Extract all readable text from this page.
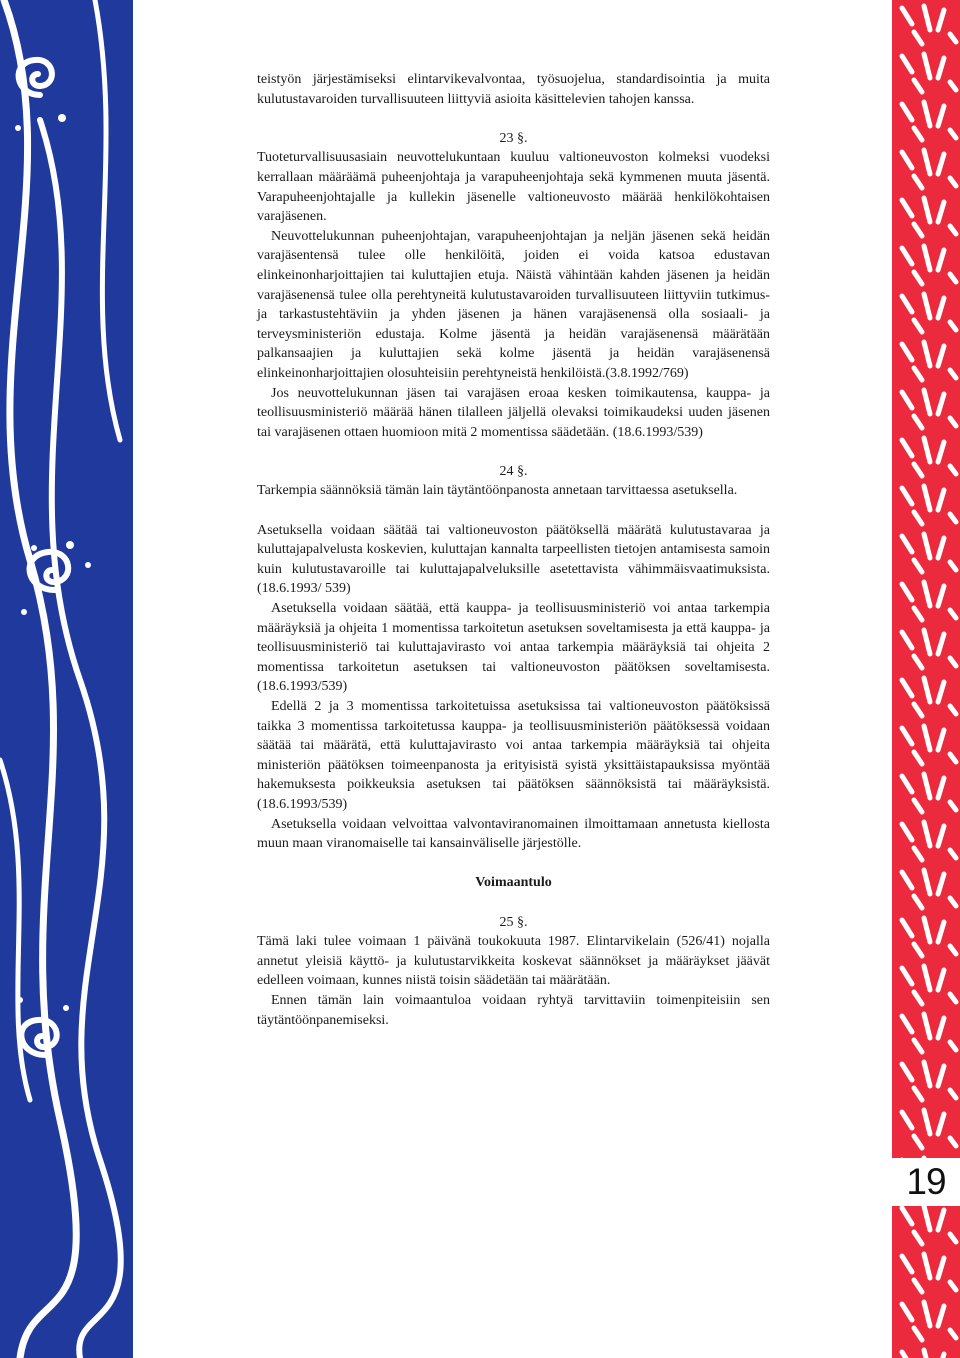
19

teistyön järjestämiseksi elintarvikevalvontaa, työsuojelua, standardisointia ja muita kulutustavaroiden turvallisuuteen liittyviä asioita käsittelevien tahojen kanssa.

23 §.

Tuoteturvallisuusasiain neuvottelukuntaan kuuluu valtioneuvoston kolmeksi vuodeksi kerrallaan määräämä puheenjohtaja ja varapuheenjohtaja sekä kymmenen muuta jäsentä. Varapuheenjohtajalle ja kullekin jäsenelle valtioneuvosto määrää henkilökohtaisen varajäsenen.

Neuvottelukunnan puheenjohtajan, varapuheenjohtajan ja neljän jäsenen sekä heidän varajäsentensä tulee olle henkilöitä, joiden ei voida katsoa edustavan elinkeinonharjoittajien tai kuluttajien etuja. Näistä vähintään kahden jäsenen ja heidän varajäsenensä tulee olla perehtyneitä kulutustavaroiden turvallisuuteen liittyviin tutkimus- ja tarkastustehtäviin ja yhden jäsenen ja hänen varajäsenensä olla sosiaali- ja terveysministeriön edustaja. Kolme jäsentä ja heidän varajäsenensä määrätään palkansaajien ja kuluttajien sekä kolme jäsentä ja heidän varajäsenensä elinkeinonharjoittajien olosuhteisiin perehtyneistä henkilöistä.(3.8.1992/769)

Jos neuvottelukunnan jäsen tai varajäsen eroaa kesken toimikautensa, kauppa- ja teollisuusministeriö määrää hänen tilalleen jäljellä olevaksi toimikaudeksi uuden jäsenen tai varajäsenen ottaen huomioon mitä 2 momentissa säädetään. (18.6.1993/539)

24 §.

Tarkempia säännöksiä tämän lain täytäntöönpanosta annetaan tarvittaessa asetuksella.

Asetuksella voidaan säätää tai valtioneuvoston päätöksellä määrätä kulutustavaraa ja kuluttajapalvelusta koskevien, kuluttajan kannalta tarpeellisten tietojen antamisesta samoin kuin kulutustavaroille tai kuluttajapalveluksille asetettavista vähimmäisvaatimuksista. (18.6.1993/ 539)

Asetuksella voidaan säätää, että kauppa- ja teollisuusministeriö voi antaa tarkempia määräyksiä ja ohjeita 1 momentissa tarkoitetun asetuksen soveltamisesta ja että kauppa- ja teollisuusministeriö tai kuluttajavirasto voi antaa tarkempia määräyksiä tai ohjeita 2 momentissa tarkoitetun asetuksen tai valtioneuvoston päätöksen soveltamisesta. (18.6.1993/539)

Edellä 2 ja 3 momentissa tarkoitetuissa asetuksissa tai valtioneuvoston päätöksissä taikka 3 momentissa tarkoitetussa kauppa- ja teollisuusministeriön päätöksessä voidaan säätää tai määrätä, että kuluttajavirasto voi antaa tarkempia määräyksiä tai ohjeita ministeriön päätöksen toimeenpanosta ja erityisistä syistä yksittäistapauksissa myöntää hakemuksesta poikkeuksia asetuksen tai päätöksen säännöksistä tai määräyksistä. (18.6.1993/539)

Asetuksella voidaan velvoittaa valvontaviranomainen ilmoittamaan annetusta kiellosta muun maan viranomaiselle tai kansainväliselle järjestölle.

Voimaantulo

25 §.

Tämä laki tulee voimaan 1 päivänä toukokuuta 1987. Elintarvikelain (526/41) nojalla annetut yleisiä käyttö- ja kulutustarvikkeita koskevat säännökset ja määräykset jäävät edelleen voimaan, kunnes niistä toisin säädetään tai määrätään.

Ennen tämän lain voimaantuloa voidaan ryhtyä tarvittaviin toimenpiteisiin sen täytäntöönpanemiseksi.
